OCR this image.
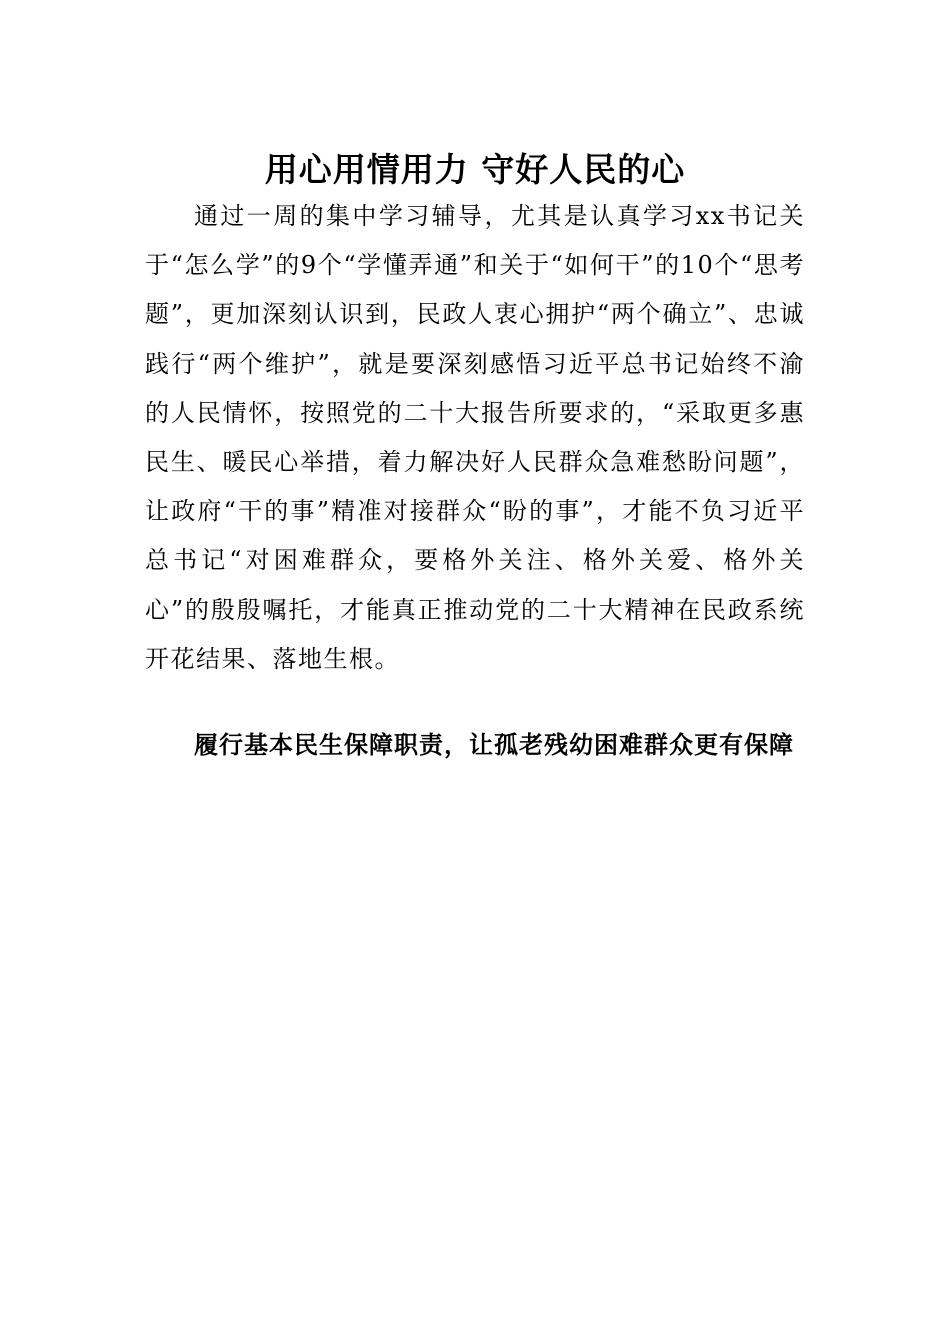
用心用情用力 守好人民的心

通过一周的集中学习辅导，尤其是认真学习xx书记关于“怎么学”的9个“学懂弄通”和关于“如何干”的10个“思考题”，更加深刻认识到，民政人衷心拥护“两个确立”、忠诚践行“两个维护”，就是要深刻感悟习近平总书记始终不渝的人民情怀，按照党的二十大报告所要求的，“采取更多惠民生、暖民心举措，着力解决好人民群众急难愁盼问题”，让政府“干的事”精准对接群众“盼的事”，才能不负习近平总书记“对困难群众，要格外关注、格外关爱、格外关心”的殷殷嘱托，才能真正推动党的二十大精神在民政系统开花结果、落地生根。

履行基本民生保障职责，让孤老残幼困难群众更有保障
